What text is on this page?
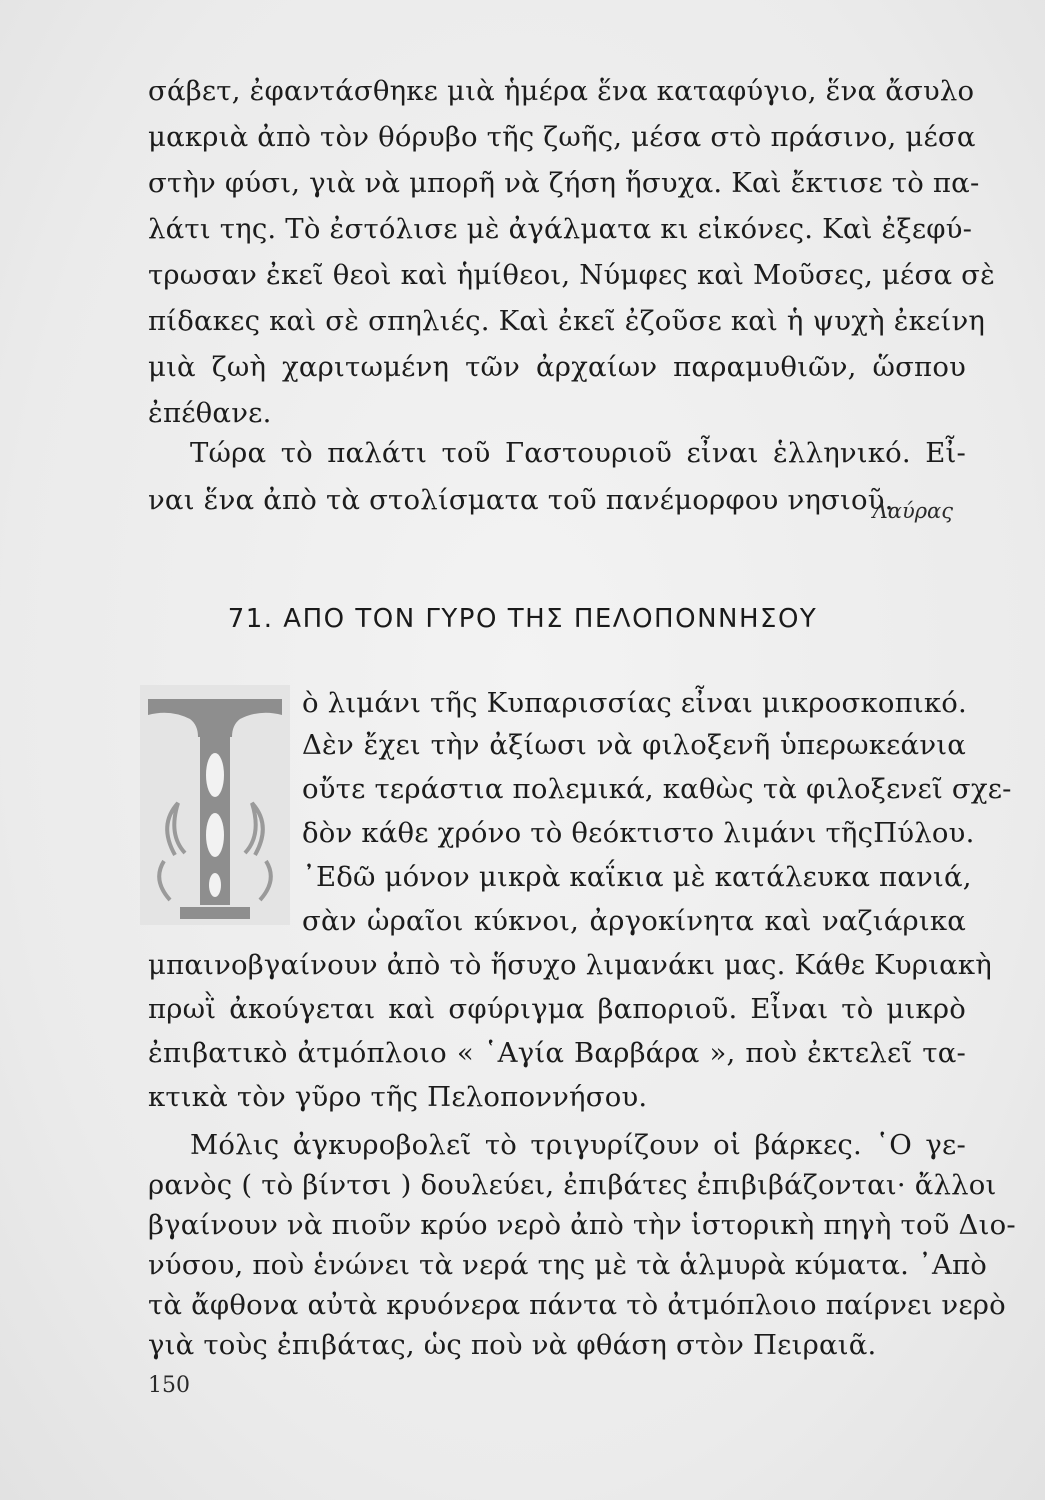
σάβετ, ἐφαντάσθηκε μιὰ ἡμέρα ἕνα καταφύγιο, ἕνα ἄσυλο
μακριὰ ἀπὸ τὸν θόρυβο τῆς ζωῆς, μέσα στὸ πράσινο, μέσα
στὴν φύσι, γιὰ νὰ μπορῆ νὰ ζήση ἥσυχα. Καὶ ἔκτισε τὸ πα-
λάτι της. Τὸ ἐστόλισε μὲ ἀγάλματα κι εἰκόνες. Καὶ ἐξεφύ-
τρωσαν ἐκεῖ θεοὶ καὶ ἡμίθεοι, Νύμφες καὶ Μοῦσες, μέσα σὲ
πίδακες καὶ σὲ σπηλιές. Καὶ ἐκεῖ ἐζοῦσε καὶ ἡ ψυχὴ ἐκείνη
μιὰ ζωὴ χαριτωμένη τῶν ἀρχαίων παραμυθιῶν, ὥσπου
ἐπέθανε.
Τώρα τὸ παλάτι τοῦ Γαστουριοῦ εἶναι ἑλληνικό. Εἶ-
ναι ἕνα ἀπὸ τὰ στολίσματα τοῦ πανέμορφου νησιοῦ.
Λαύρας
71. ΑΠΟ ΤΟΝ ΓΥΡΟ ΤΗΣ ΠΕΛΟΠΟΝΝΗΣΟΥ
ὸ λιμάνι τῆς Κυπαρισσίας εἶναι μικροσκοπικό.
Δὲν ἔχει τὴν ἀξίωσι νὰ φιλοξενῆ ὑπερωκεάνια
οὔτε τεράστια πολεμικά, καθὼς τὰ φιλοξενεῖ σχε-
δὸν κάθε χρόνο τὸ θεόκτιστο λιμάνι τῆςΠύλου.
᾿Εδῶ μόνον μικρὰ καΐκια μὲ κατάλευκα πανιά,
σὰν ὡραῖοι κύκνοι, ἀργοκίνητα καὶ ναζιάρικα
μπαινοβγαίνουν ἀπὸ τὸ ἥσυχο λιμανάκι μας. Κάθε Κυριακὴ
πρωῒ ἀκούγεται καὶ σφύριγμα βαποριοῦ. Εἶναι τὸ μικρὸ
ἐπιβατικὸ ἀτμόπλοιο « ῾Αγία Βαρβάρα », ποὺ ἐκτελεῖ τα-
κτικὰ τὸν γῦρο τῆς Πελοποννήσου.
Μόλις ἀγκυροβολεῖ τὸ τριγυρίζουν οἱ βάρκες. ῾Ο γε-
ρανὸς ( τὸ βίντσι ) δουλεύει, ἐπιβάτες ἐπιβιβάζονται· ἄλλοι
βγαίνουν νὰ πιοῦν κρύο νερὸ ἀπὸ τὴν ἱστορικὴ πηγὴ τοῦ Διο-
νύσου, ποὺ ἑνώνει τὰ νερά της μὲ τὰ ἁλμυρὰ κύματα. ᾿Απὸ
τὰ ἄφθονα αὐτὰ κρυόνερα πάντα τὸ ἀτμόπλοιο παίρνει νερὸ
γιὰ τοὺς ἐπιβάτας, ὡς ποὺ νὰ φθάση στὸν Πειραιᾶ.
150
